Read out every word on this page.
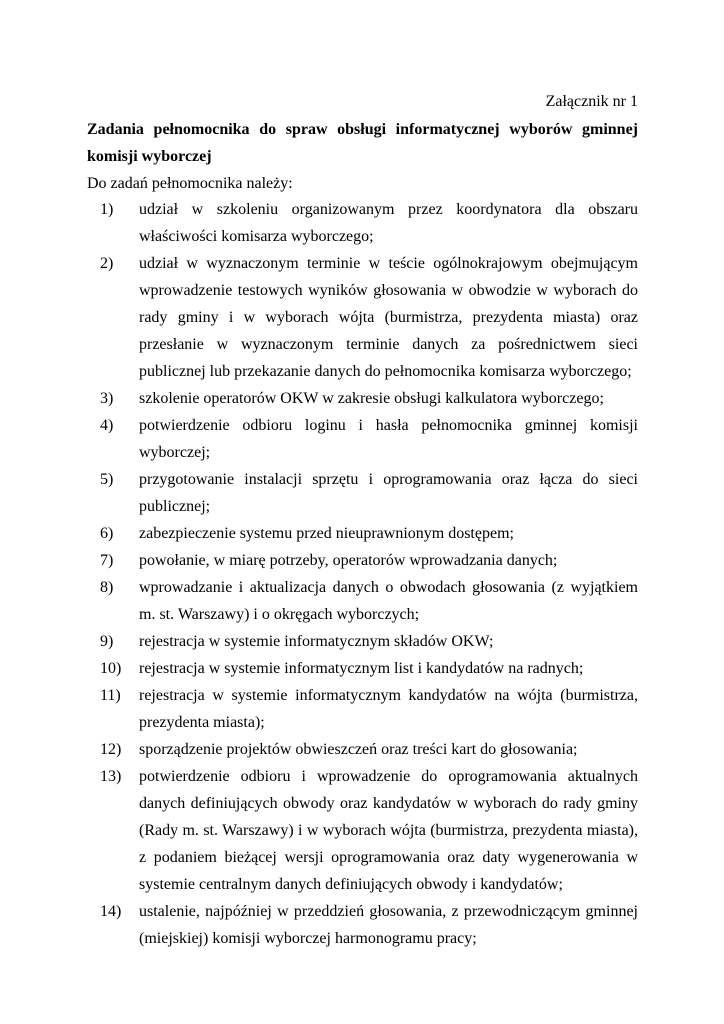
Załącznik nr 1
Zadania pełnomocnika do spraw obsługi informatycznej wyborów gminnej komisji wyborczej
Do zadań pełnomocnika należy:
1) udział w szkoleniu organizowanym przez koordynatora dla obszaru właściwości komisarza wyborczego;
2) udział w wyznaczonym terminie w teście ogólnokrajowym obejmującym wprowadzenie testowych wyników głosowania w obwodzie w wyborach do rady gminy i w wyborach wójta (burmistrza, prezydenta miasta) oraz przesłanie w wyznaczonym terminie danych za pośrednictwem sieci publicznej lub przekazanie danych do pełnomocnika komisarza wyborczego;
3) szkolenie operatorów OKW w zakresie obsługi kalkulatora wyborczego;
4) potwierdzenie odbioru loginu i hasła pełnomocnika gminnej komisji wyborczej;
5) przygotowanie instalacji sprzętu i oprogramowania oraz łącza do sieci publicznej;
6) zabezpieczenie systemu przed nieuprawnionym dostępem;
7) powołanie, w miarę potrzeby, operatorów wprowadzania danych;
8) wprowadzanie i aktualizacja danych o obwodach głosowania (z wyjątkiem m. st. Warszawy) i o okręgach wyborczych;
9) rejestracja w systemie informatycznym składów OKW;
10) rejestracja w systemie informatycznym list i kandydatów na radnych;
11) rejestracja w systemie informatycznym kandydatów na wójta (burmistrza, prezydenta miasta);
12) sporządzenie projektów obwieszczeń oraz treści kart do głosowania;
13) potwierdzenie odbioru i wprowadzenie do oprogramowania aktualnych danych definiujących obwody oraz kandydatów w wyborach do rady gminy (Rady m. st. Warszawy) i w wyborach wójta (burmistrza, prezydenta miasta), z podaniem bieżącej wersji oprogramowania oraz daty wygenerowania w systemie centralnym danych definiujących obwody i kandydatów;
14) ustalenie, najpóźniej w przeddzień głosowania, z przewodniczącym gminnej (miejskiej) komisji wyborczej harmonogramu pracy;
